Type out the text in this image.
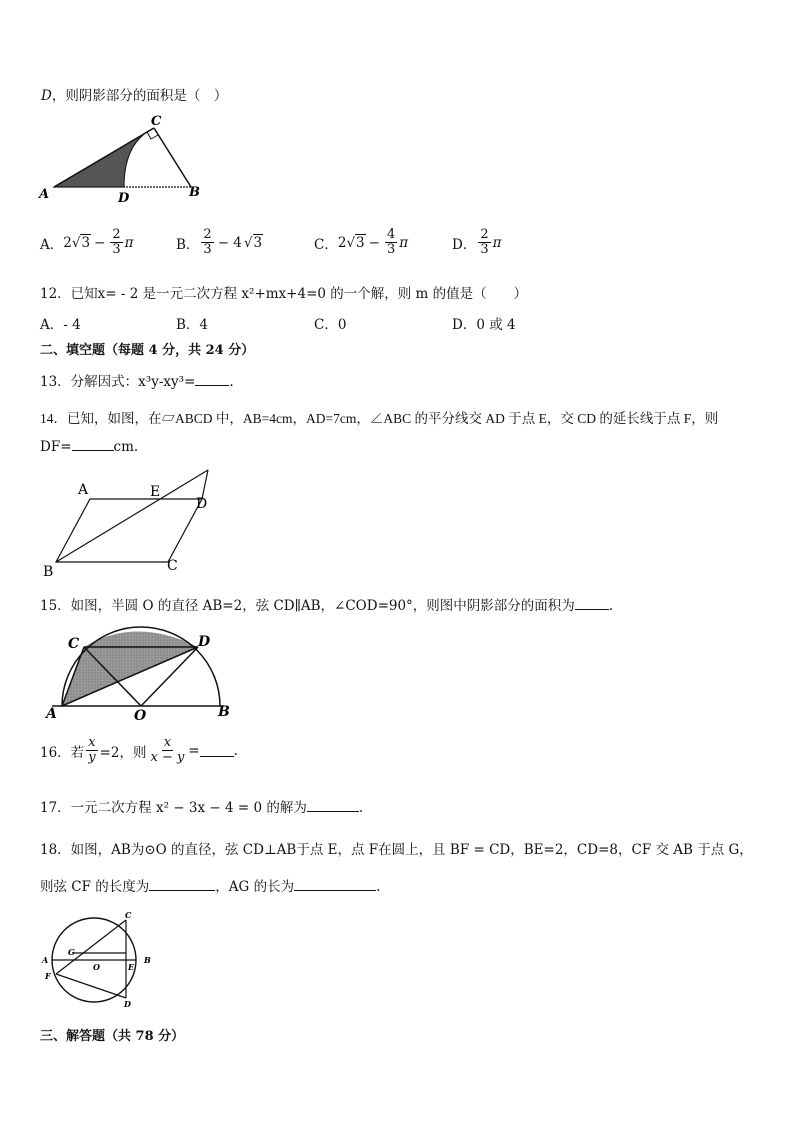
D，则阴影部分的面积是（　）
C
A	D	B
A． 2 √ $3 - \frac{2}{3}$ π	B． $\frac{2}{3} - 4$ √ 3	C． 2 √ $3 - \frac{4}{3}$ π	D． $\frac{2}{3}$ π
12．已知x= - 2 是一元二次方程 x²+mx+4=0 的一个解，则 m 的值是（　　）
A．- 4	B．4	C．0	D．0 或 4
二、填空题（每题 4 分，共 24 分）
13．分解因式：x³y-xy³=	.
14．已知，如图，在▱ABCD 中，AB=4cm，AD=7cm，∠ABC 的平分线交 AD 于点 E，交 CD 的延长线于点 F，则
DF=	cm.
A	E
D
B	C
15．如图，半圆 O 的直径 AB=2，弦 CD∥AB，∠COD=90°，则图中阴影部分的面积为	.
C	D
A	O	B
16．若 $\frac{x}{y} =2$，则 $\frac{x}{x - y}$ =	.
17．一元二次方程 x² − 3x − 4 = 0 的解为	.
18．如图，AB为⊙O 的直径，弦 CD⊥AB于点 E，点 F在圆上，且 BF = CD，BE=2，CD=8，CF 交 AB 于点 G，
则弦 CF 的长度为	，AG 的长为	.
C
G
A
O	E
B
F
D
三、解答题（共 78 分）
